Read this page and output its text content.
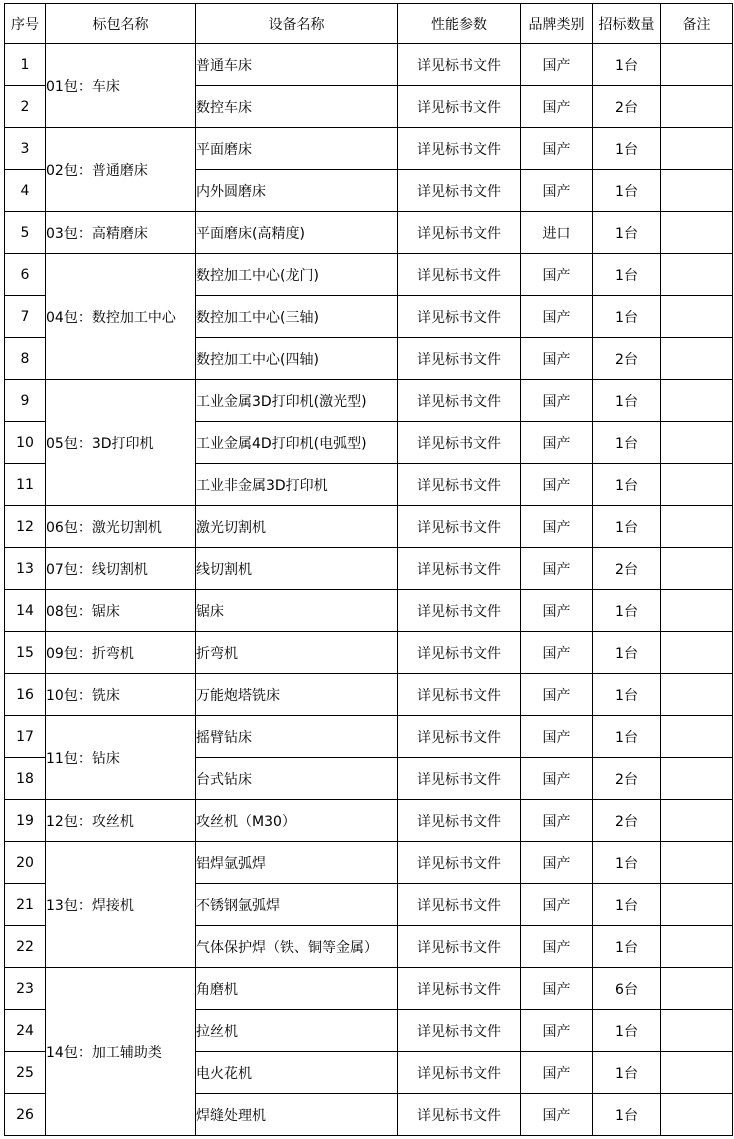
序号	标包名称	设备名称	性能参数	品牌类别	招标数量	备注
1	01包：车床	普通车床	详见标书文件	国产	1台	
2		数控车床	详见标书文件	国产	2台	
3	02包：普通磨床	平面磨床	详见标书文件	国产	1台	
4		内外圆磨床	详见标书文件	国产	1台	
5	03包：高精磨床	平面磨床(高精度)	详见标书文件	进口	1台	
6	04包：数控加工中心	数控加工中心(龙门)	详见标书文件	国产	1台	
7		数控加工中心(三轴)	详见标书文件	国产	1台	
8		数控加工中心(四轴)	详见标书文件	国产	2台	
9	05包：3D打印机	工业金属3D打印机(激光型)	详见标书文件	国产	1台	
10		工业金属4D打印机(电弧型)	详见标书文件	国产	1台	
11		工业非金属3D打印机	详见标书文件	国产	1台	
12	06包：激光切割机	激光切割机	详见标书文件	国产	1台	
13	07包：线切割机	线切割机	详见标书文件	国产	2台	
14	08包：锯床	锯床	详见标书文件	国产	1台	
15	09包：折弯机	折弯机	详见标书文件	国产	1台	
16	10包：铣床	万能炮塔铣床	详见标书文件	国产	1台	
17	11包：钻床	摇臂钻床	详见标书文件	国产	1台	
18		台式钻床	详见标书文件	国产	2台	
19	12包：攻丝机	攻丝机（M30）	详见标书文件	国产	2台	
20	13包：焊接机	铝焊氩弧焊	详见标书文件	国产	1台	
21		不锈钢氩弧焊	详见标书文件	国产	1台	
22		气体保护焊（铁、铜等金属）	详见标书文件	国产	1台	
23	14包：加工辅助类	角磨机	详见标书文件	国产	6台	
24		拉丝机	详见标书文件	国产	1台	
25		电火花机	详见标书文件	国产	1台	
26		焊缝处理机	详见标书文件	国产	1台	
